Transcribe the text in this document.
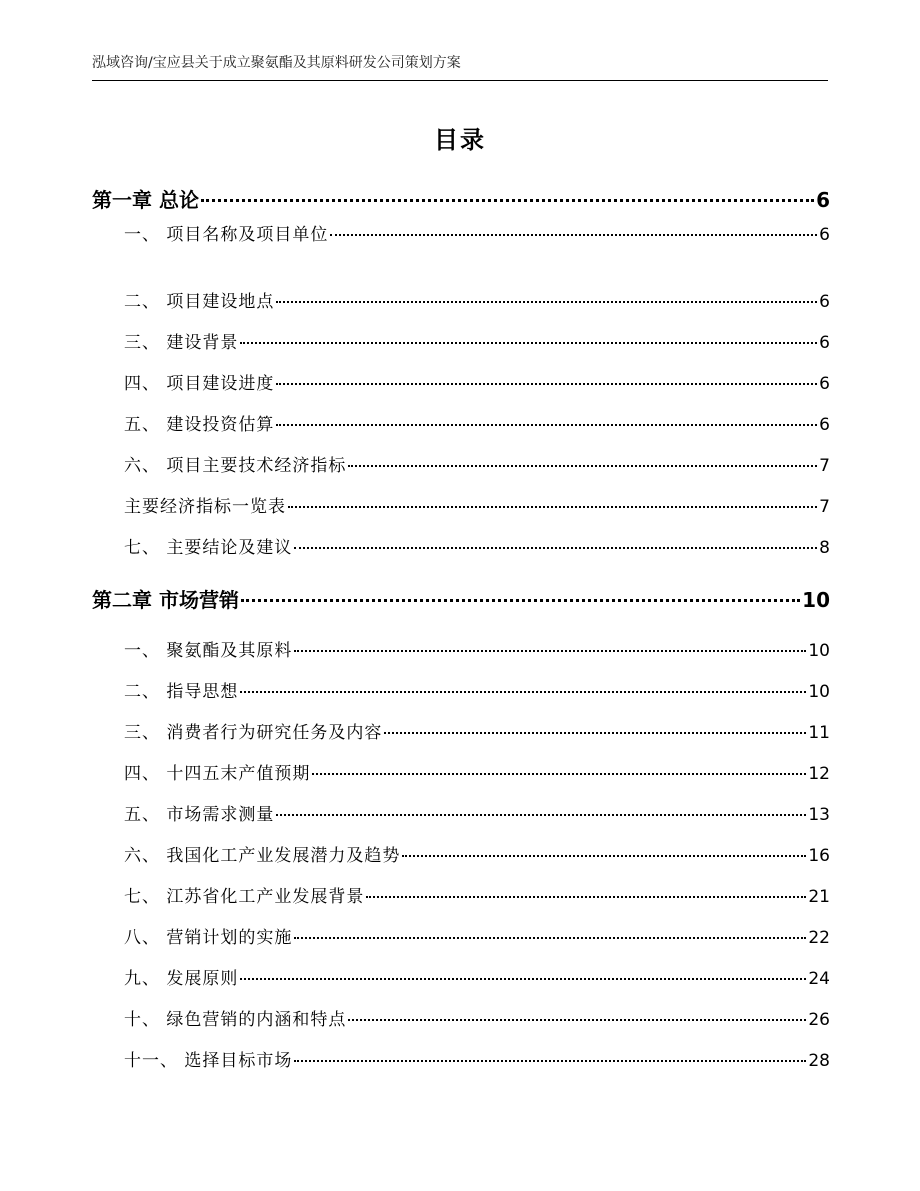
泓域咨询/宝应县关于成立聚氨酯及其原料研发公司策划方案
目录
第一章 总论	6
一、 项目名称及项目单位	6
二、 项目建设地点	6
三、 建设背景	6
四、 项目建设进度	6
五、 建设投资估算	6
六、 项目主要技术经济指标	7
主要经济指标一览表	7
七、 主要结论及建议	8
第二章 市场营销	10
一、 聚氨酯及其原料	10
二、 指导思想	10
三、 消费者行为研究任务及内容	11
四、 十四五末产值预期	12
五、 市场需求测量	13
六、 我国化工产业发展潜力及趋势	16
七、 江苏省化工产业发展背景	21
八、 营销计划的实施	22
九、 发展原则	24
十、 绿色营销的内涵和特点	26
十一、 选择目标市场	28
